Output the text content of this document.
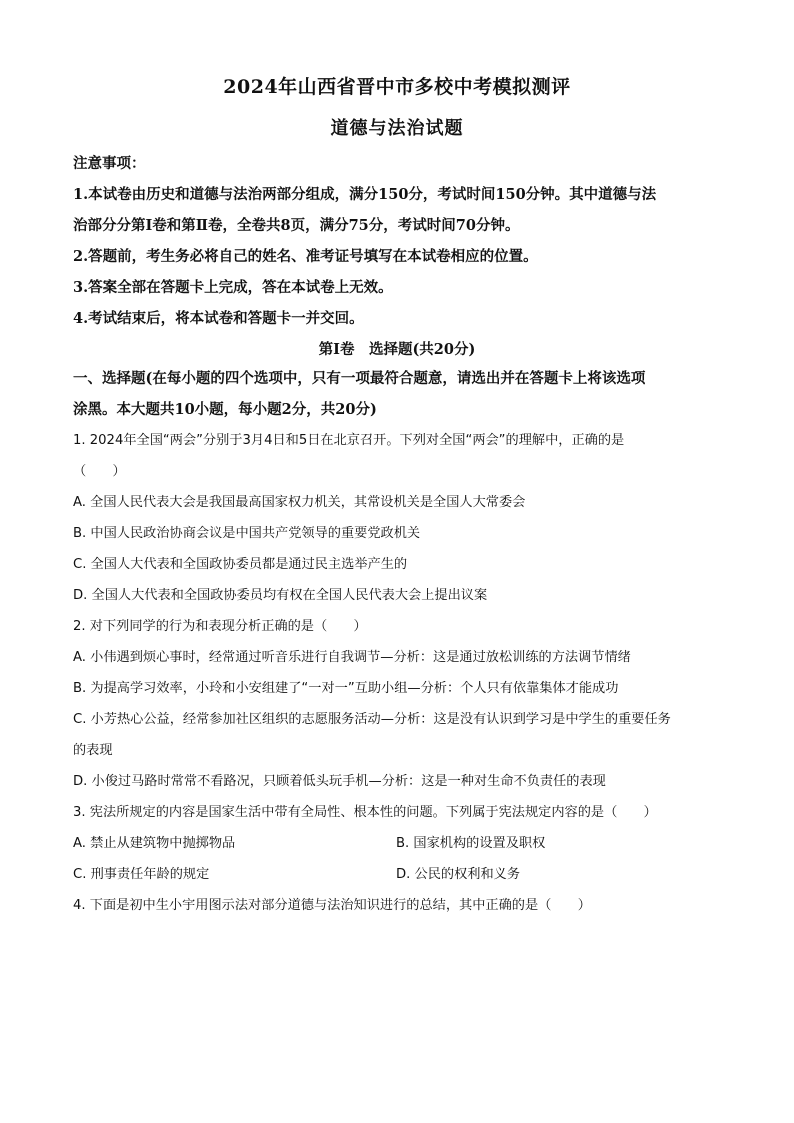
2024年山西省晋中市多校中考模拟测评
道德与法治试题
注意事项：
1.本试卷由历史和道德与法治两部分组成，满分150分，考试时间150分钟。其中道德与法
治部分分第Ⅰ卷和第Ⅱ卷，全卷共8页，满分75分，考试时间70分钟。
2.答题前，考生务必将自己的姓名、准考证号填写在本试卷相应的位置。
3.答案全部在答题卡上完成，答在本试卷上无效。
4.考试结束后，将本试卷和答题卡一并交回。
第Ⅰ卷　选择题(共20分)
一、选择题(在每小题的四个选项中，只有一项最符合题意，请选出并在答题卡上将该选项
涂黑。本大题共10小题，每小题2分，共20分)
1. 2024年全国“两会”分别于3月4日和5日在北京召开。下列对全国“两会”的理解中，正确的是
（　　）
A. 全国人民代表大会是我国最高国家权力机关，其常设机关是全国人大常委会
B. 中国人民政治协商会议是中国共产党领导的重要党政机关
C. 全国人大代表和全国政协委员都是通过民主选举产生的
D. 全国人大代表和全国政协委员均有权在全国人民代表大会上提出议案
2. 对下列同学的行为和表现分析正确的是（　　）
A. 小伟遇到烦心事时，经常通过听音乐进行自我调节—分析：这是通过放松训练的方法调节情绪
B. 为提高学习效率，小玲和小安组建了“一对一”互助小组—分析：个人只有依靠集体才能成功
C. 小芳热心公益，经常参加社区组织的志愿服务活动—分析：这是没有认识到学习是中学生的重要任务
的表现
D. 小俊过马路时常常不看路况，只顾着低头玩手机—分析：这是一种对生命不负责任的表现
3. 宪法所规定的内容是国家生活中带有全局性、根本性的问题。下列属于宪法规定内容的是（　　）
A. 禁止从建筑物中抛掷物品	B. 国家机构的设置及职权
C. 刑事责任年龄的规定	D. 公民的权利和义务
4. 下面是初中生小宇用图示法对部分道德与法治知识进行的总结，其中正确的是（　　）
